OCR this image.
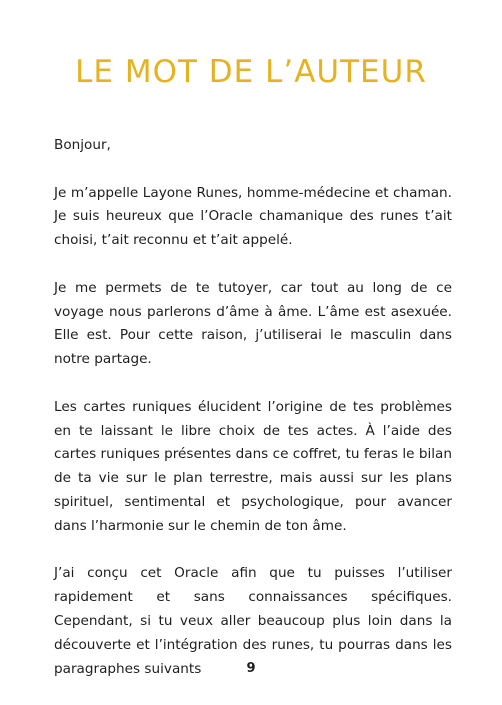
LE MOT DE L’AUTEUR

Bonjour,

Je m’appelle Layone Runes, homme-médecine et chaman. Je suis heureux que l’Oracle chamanique des runes t’ait choisi, t’ait reconnu et t’ait appelé.

Je me permets de te tutoyer, car tout au long de ce voyage nous parlerons d’âme à âme. L’âme est asexuée. Elle est. Pour cette raison, j’utiliserai le masculin dans notre partage.

Les cartes runiques élucident l’origine de tes problèmes en te laissant le libre choix de tes actes. À l’aide des cartes runiques présentes dans ce coffret, tu feras le bilan de ta vie sur le plan terrestre, mais aussi sur les plans spirituel, sentimental et psychologique, pour avancer dans l’harmonie sur le chemin de ton âme.

J’ai conçu cet Oracle afin que tu puisses l’utiliser rapidement et sans connaissances spécifiques. Cependant, si tu veux aller beaucoup plus loin dans la découverte et l’intégration des runes, tu pourras dans les paragraphes suivants	9
